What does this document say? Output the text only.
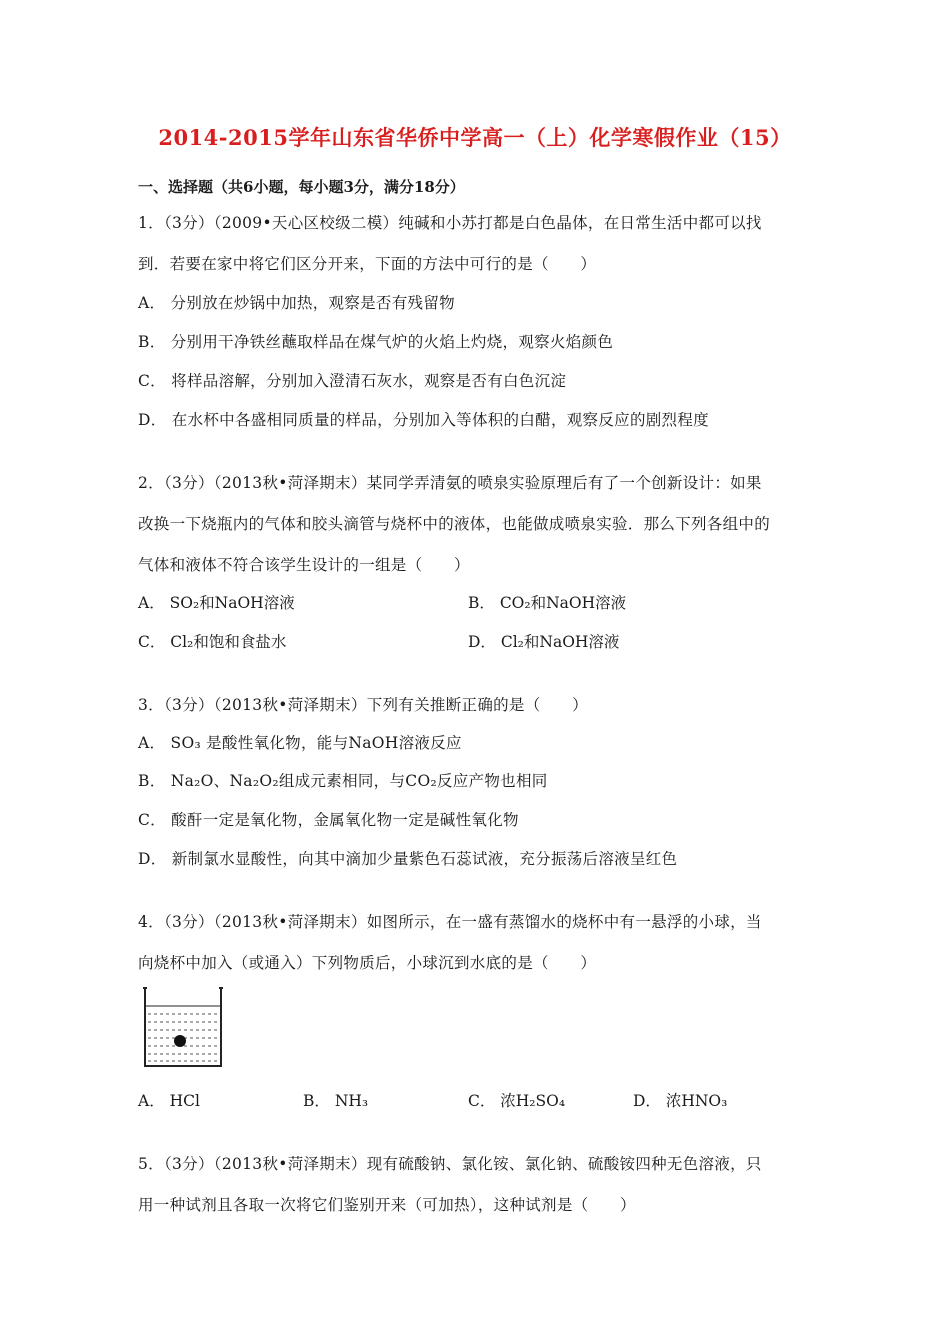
2014-2015学年山东省华侨中学高一（上）化学寒假作业（15）
一、选择题（共6小题，每小题3分，满分18分）
1．（3分）（2009•天心区校级二模）纯碱和小苏打都是白色晶体，在日常生活中都可以找
到．若要在家中将它们区分开来，下面的方法中可行的是（　　）
A． 分别放在炒锅中加热，观察是否有残留物
B． 分别用干净铁丝蘸取样品在煤气炉的火焰上灼烧，观察火焰颜色
C． 将样品溶解，分别加入澄清石灰水，观察是否有白色沉淀
D． 在水杯中各盛相同质量的样品，分别加入等体积的白醋，观察反应的剧烈程度
2．（3分）（2013秋•菏泽期末）某同学弄清氨的喷泉实验原理后有了一个创新设计：如果
改换一下烧瓶内的气体和胶头滴管与烧杯中的液体，也能做成喷泉实验．那么下列各组中的
气体和液体不符合该学生设计的一组是（　　）
A． SO₂和NaOH溶液	B． CO₂和NaOH溶液
C． Cl₂和饱和食盐水	D． Cl₂和NaOH溶液
3．（3分）（2013秋•菏泽期末）下列有关推断正确的是（　　）
A． SO₃ 是酸性氧化物，能与NaOH溶液反应
B． Na₂O、Na₂O₂组成元素相同，与CO₂反应产物也相同
C． 酸酐一定是氧化物，金属氧化物一定是碱性氧化物
D． 新制氯水显酸性，向其中滴加少量紫色石蕊试液，充分振荡后溶液呈红色
4．（3分）（2013秋•菏泽期末）如图所示，在一盛有蒸馏水的烧杯中有一悬浮的小球，当
向烧杯中加入（或通入）下列物质后，小球沉到水底的是（　　）
A． HCl	B． NH₃	C． 浓H₂SO₄	D． 浓HNO₃
5．（3分）（2013秋•菏泽期末）现有硫酸钠、氯化铵、氯化钠、硫酸铵四种无色溶液，只
用一种试剂且各取一次将它们鉴别开来（可加热），这种试剂是（　　）
